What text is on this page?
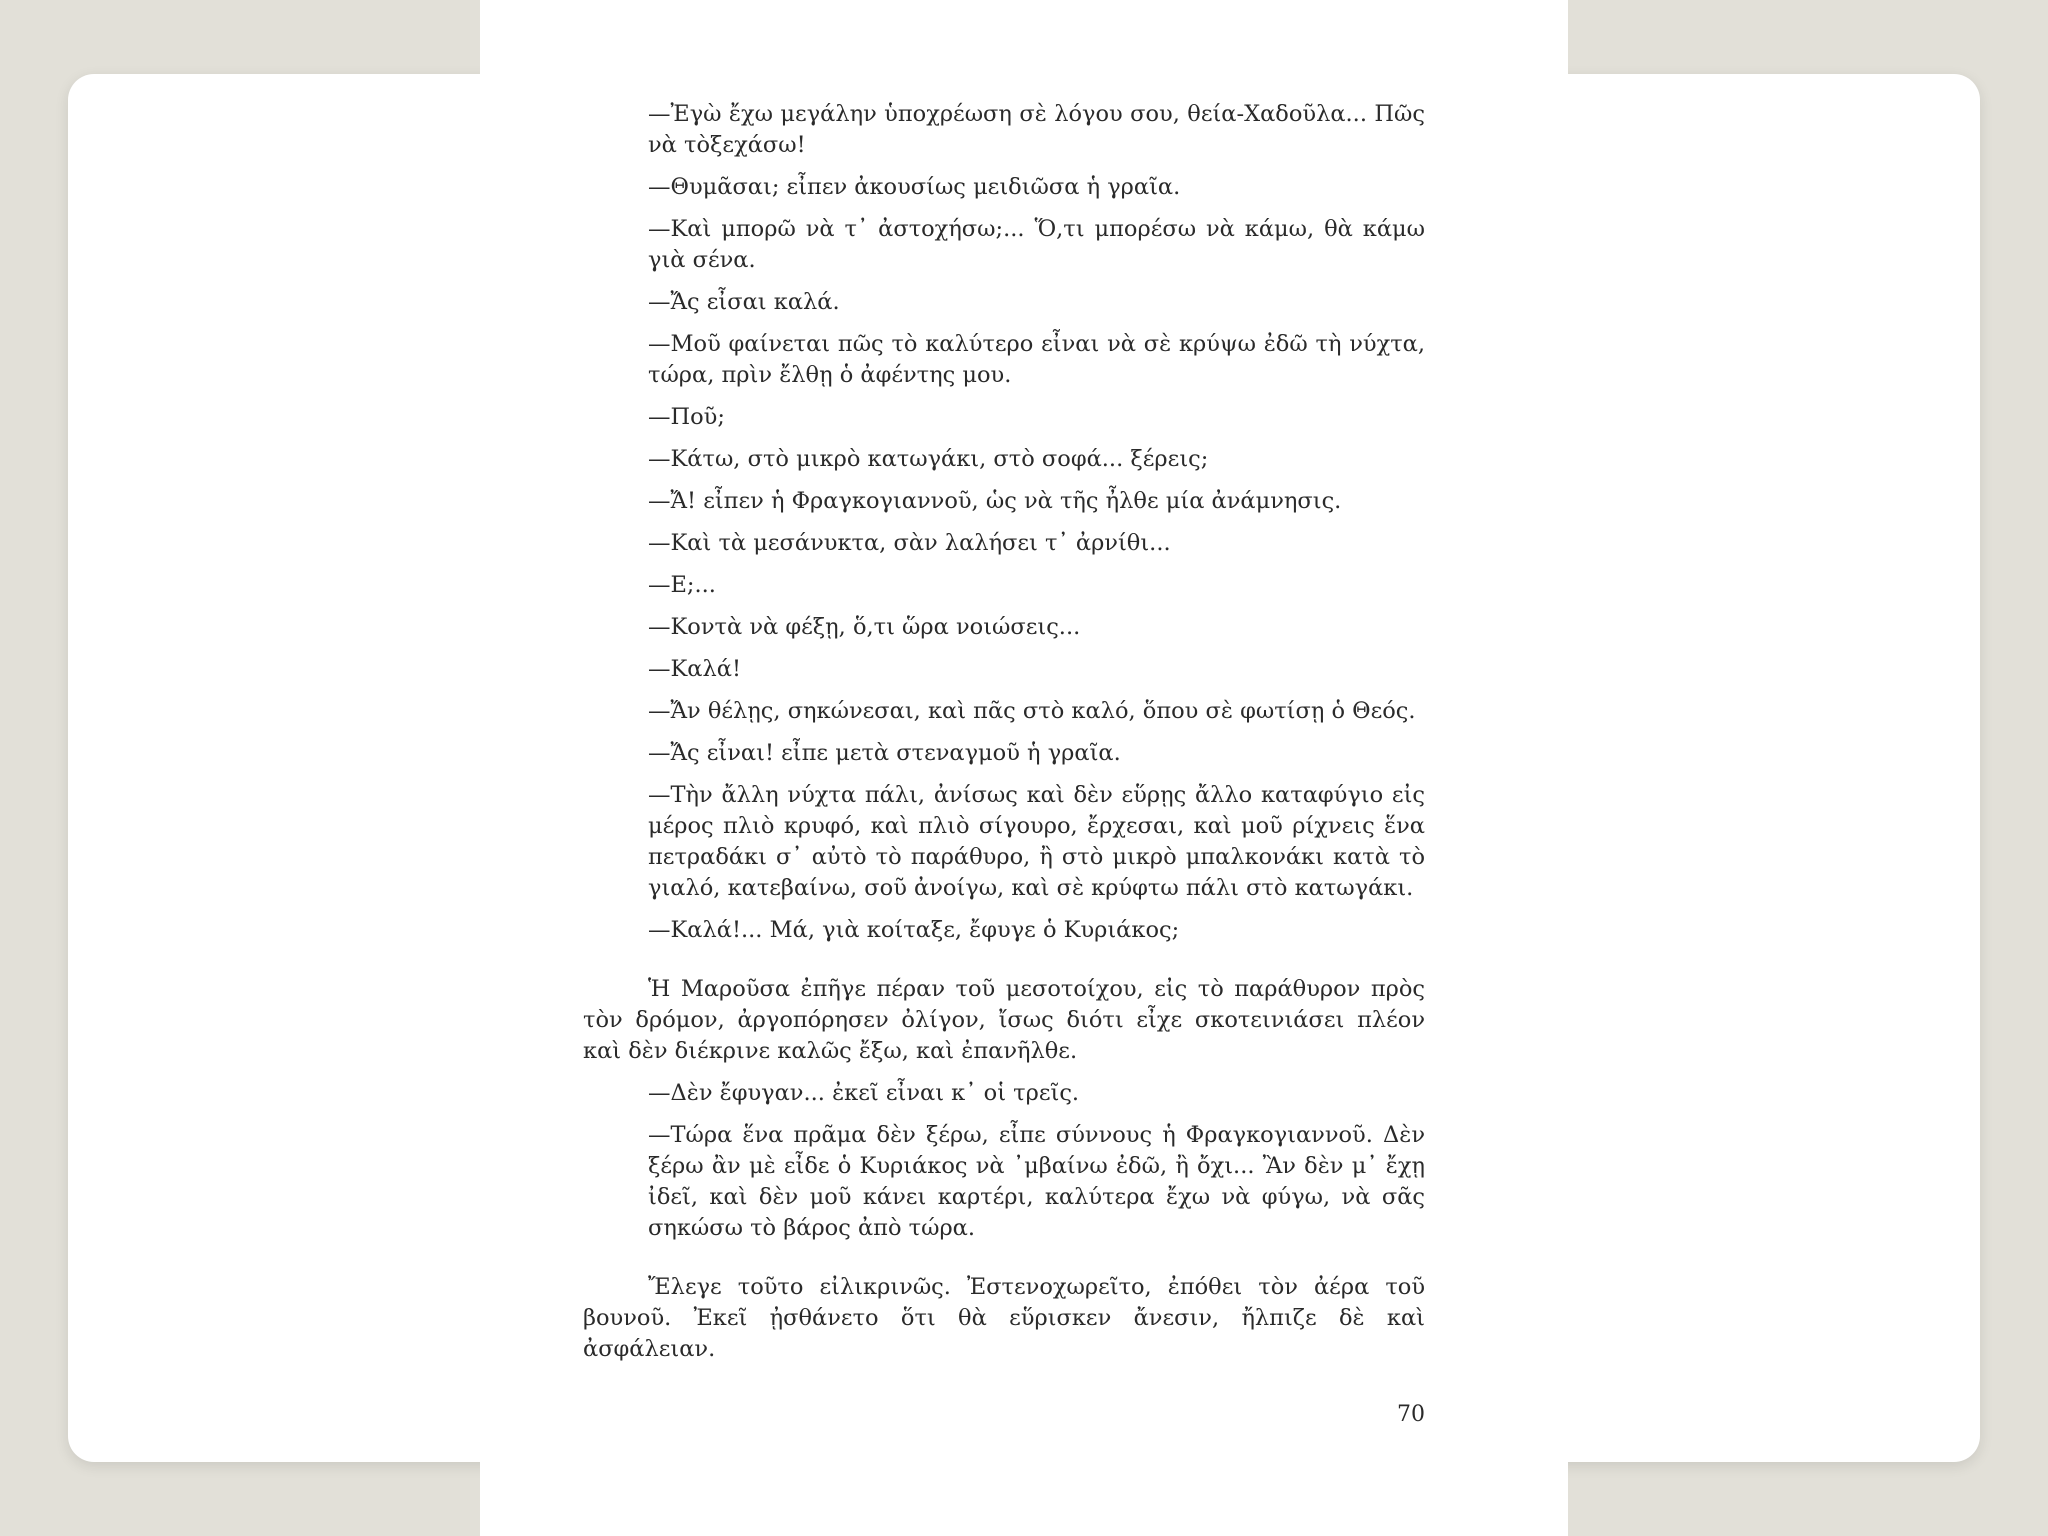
—Ἐγὼ ἔχω μεγάλην ὑποχρέωση σὲ λόγου σου, θεία-Χαδοῦλα... Πῶς νὰ τὸξεχάσω!

—Θυμᾶσαι; εἶπεν ἀκουσίως μειδιῶσα ἡ γραῖα.

—Καὶ μπορῶ νὰ τ᾽ ἀστοχήσω;... Ὅ,τι μπορέσω νὰ κάμω, θὰ κάμω γιὰ σένα.

—Ἄς εἶσαι καλά.

—Μοῦ φαίνεται πῶς τὸ καλύτερο εἶναι νὰ σὲ κρύψω ἐδῶ τὴ νύχτα, τώρα, πρὶν ἔλθῃ ὁ ἀφέντης μου.

—Ποῦ;

—Κάτω, στὸ μικρὸ κατωγάκι, στὸ σοφά... ξέρεις;

—Ἄ! εἶπεν ἡ Φραγκογιαννοῦ, ὡς νὰ τῆς ἦλθε μία ἀνάμνησις.

—Καὶ τὰ μεσάνυκτα, σὰν λαλήσει τ᾽ ἀρνίθι...

—Ε;...

—Κοντὰ νὰ φέξῃ, ὅ,τι ὥρα νοιώσεις...

—Καλά!

—Ἄν θέλῃς, σηκώνεσαι, καὶ πᾶς στὸ καλό, ὅπου σὲ φωτίσῃ ὁ Θεός.

—Ἄς εἶναι! εἶπε μετὰ στεναγμοῦ ἡ γραῖα.

—Τὴν ἄλλη νύχτα πάλι, ἀνίσως καὶ δὲν εὕρῃς ἄλλο καταφύγιο εἰς μέρος πλιὸ κρυφό, καὶ πλιὸ σίγουρο, ἔρχεσαι, καὶ μοῦ ρίχνεις ἕνα πετραδάκι σ᾽ αὐτὸ τὸ παράθυρο, ἢ στὸ μικρὸ μπαλκονάκι κατὰ τὸ γιαλό, κατεβαίνω, σοῦ ἀνοίγω, καὶ σὲ κρύφτω πάλι στὸ κατωγάκι.

—Καλά!... Μά, γιὰ κοίταξε, ἔφυγε ὁ Κυριάκος;

Ἡ Μαροῦσα ἐπῆγε πέραν τοῦ μεσοτοίχου, εἰς τὸ παράθυρον πρὸς τὸν δρόμον, ἀργοπόρησεν ὀλίγον, ἴσως διότι εἶχε σκοτεινιάσει πλέον καὶ δὲν διέκρινε καλῶς ἔξω, καὶ ἐπανῆλθε.

—Δὲν ἔφυγαν... ἐκεῖ εἶναι κ᾽ οἱ τρεῖς.

—Τώρα ἕνα πρᾶμα δὲν ξέρω, εἶπε σύννους ἡ Φραγκογιαννοῦ. Δὲν ξέρω ἂν μὲ εἶδε ὁ Κυριάκος νὰ ᾽μβαίνω ἐδῶ, ἢ ὄχι... Ἂν δὲν μ᾽ ἔχῃ ἰδεῖ, καὶ δὲν μοῦ κάνει καρτέρι, καλύτερα ἔχω νὰ φύγω, νὰ σᾶς σηκώσω τὸ βάρος ἀπὸ τώρα.

Ἔλεγε τοῦτο εἰλικρινῶς. Ἐστενοχωρεῖτο, ἐπόθει τὸν ἀέρα τοῦ βουνοῦ. Ἐκεῖ ᾐσθάνετο ὅτι θὰ εὕρισκεν ἄνεσιν, ἤλπιζε δὲ καὶ ἀσφάλειαν.

70
